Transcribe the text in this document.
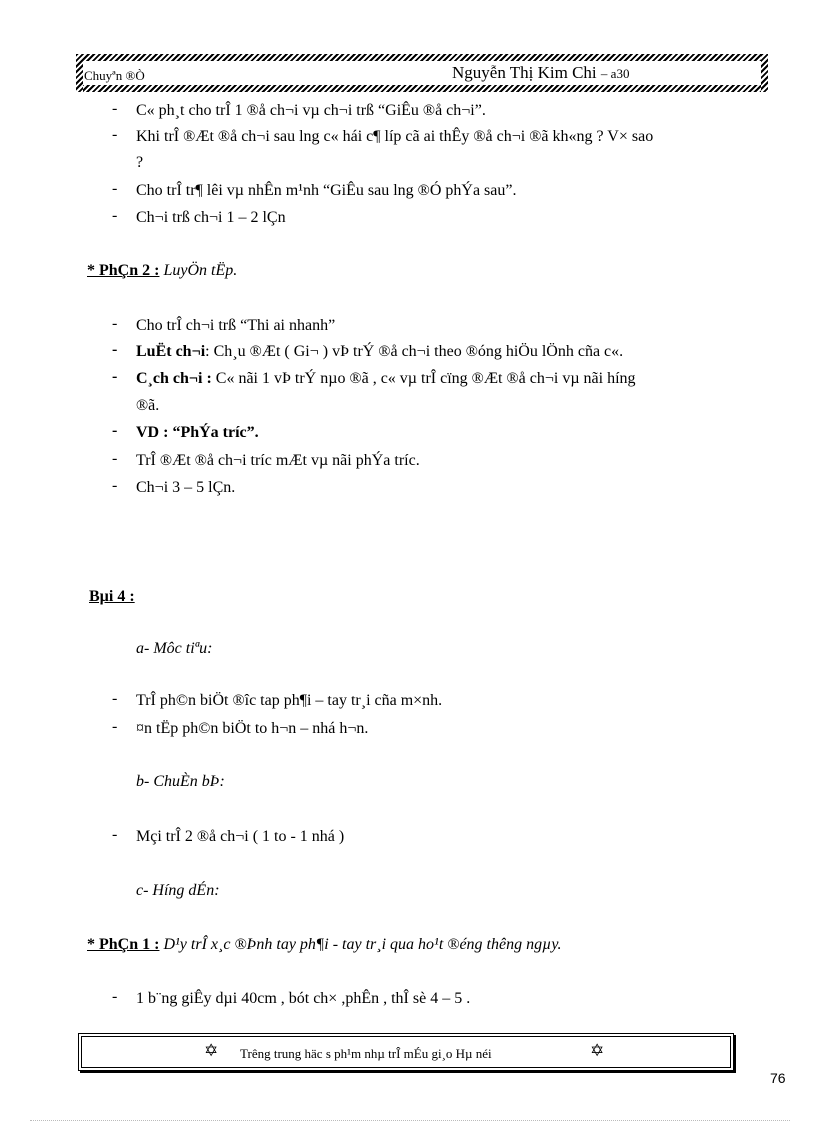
Chuyªn ®Ò	Nguyễn Thị Kim Chi – a30
- C« ph¸t cho trÎ 1 ®å ch¬i vµ ch¬i trß “GiÊu ®å ch¬i”.
- Khi trÎ ®Æt ®å ch¬i sau lng c« hái c¶ líp cã ai thÊy ®å ch¬i ®ã kh«ng ? V× sao
?
- Cho trÎ tr¶ lêi vµ nhÊn m¹nh “GiÊu sau lng ®Ó phÝa sau”.
- Ch¬i trß ch¬i 1 – 2 lÇn
* PhÇn 2 : LuyÖn tËp.
- Cho trÎ ch¬i trß “Thi ai nhanh”
- LuËt ch¬i: Ch¸u ®Æt ( Gi¬ ) vÞ trÝ ®å ch¬i theo ®óng hiÖu lÖnh cña c«.
- C¸ch ch¬i : C« nãi 1 vÞ trÝ nµo ®ã , c« vµ trÎ cïng ®Æt ®å ch¬i vµ nãi híng
®ã.
- VD : “PhÝa tríc”.
- TrÎ ®Æt ®å ch¬i tríc mÆt vµ nãi phÝa tríc.
- Ch¬i 3 – 5 lÇn.
Bµi 4 :
a- Môc tiªu:
- TrÎ ph©n biÖt ®îc tap ph¶i – tay tr¸i cña m×nh.
- ¤n tËp ph©n biÖt to h¬n – nhá h¬n.
b- ChuÈn bÞ:
- Mçi trÎ 2 ®å ch¬i ( 1 to - 1 nhá )
c- Híng dÉn:
* PhÇn 1 : D¹y trÎ x¸c ®Þnh tay ph¶i - tay tr¸i qua ho¹t ®éng thêng ngµy.
- 1 b¨ng giÊy dµi 40cm , bót ch× ,phÊn , thÎ sè 4 – 5 .
✡ Trêng trung häc s ph¹m nhµ trÎ mÉu gi¸o Hµ néi	✡
76
